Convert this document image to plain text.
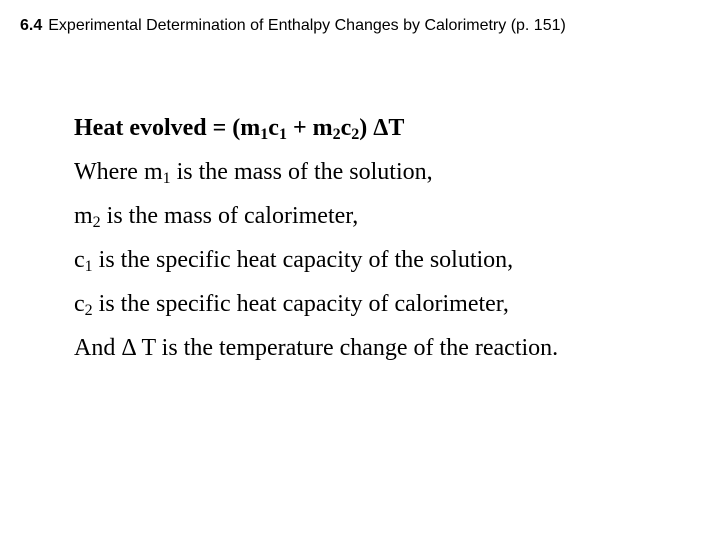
6.4 Experimental Determination of Enthalpy Changes by Calorimetry (p. 151)
Heat evolved = $(m_1c_1 + m_2c_2)$ ΔT
Where $m_1$ is the mass of the solution,
$m_2$ is the mass of calorimeter,
$c_1$ is the specific heat capacity of the solution,
$c_2$ is the specific heat capacity of calorimeter,
And Δ T is the temperature change of the reaction.
